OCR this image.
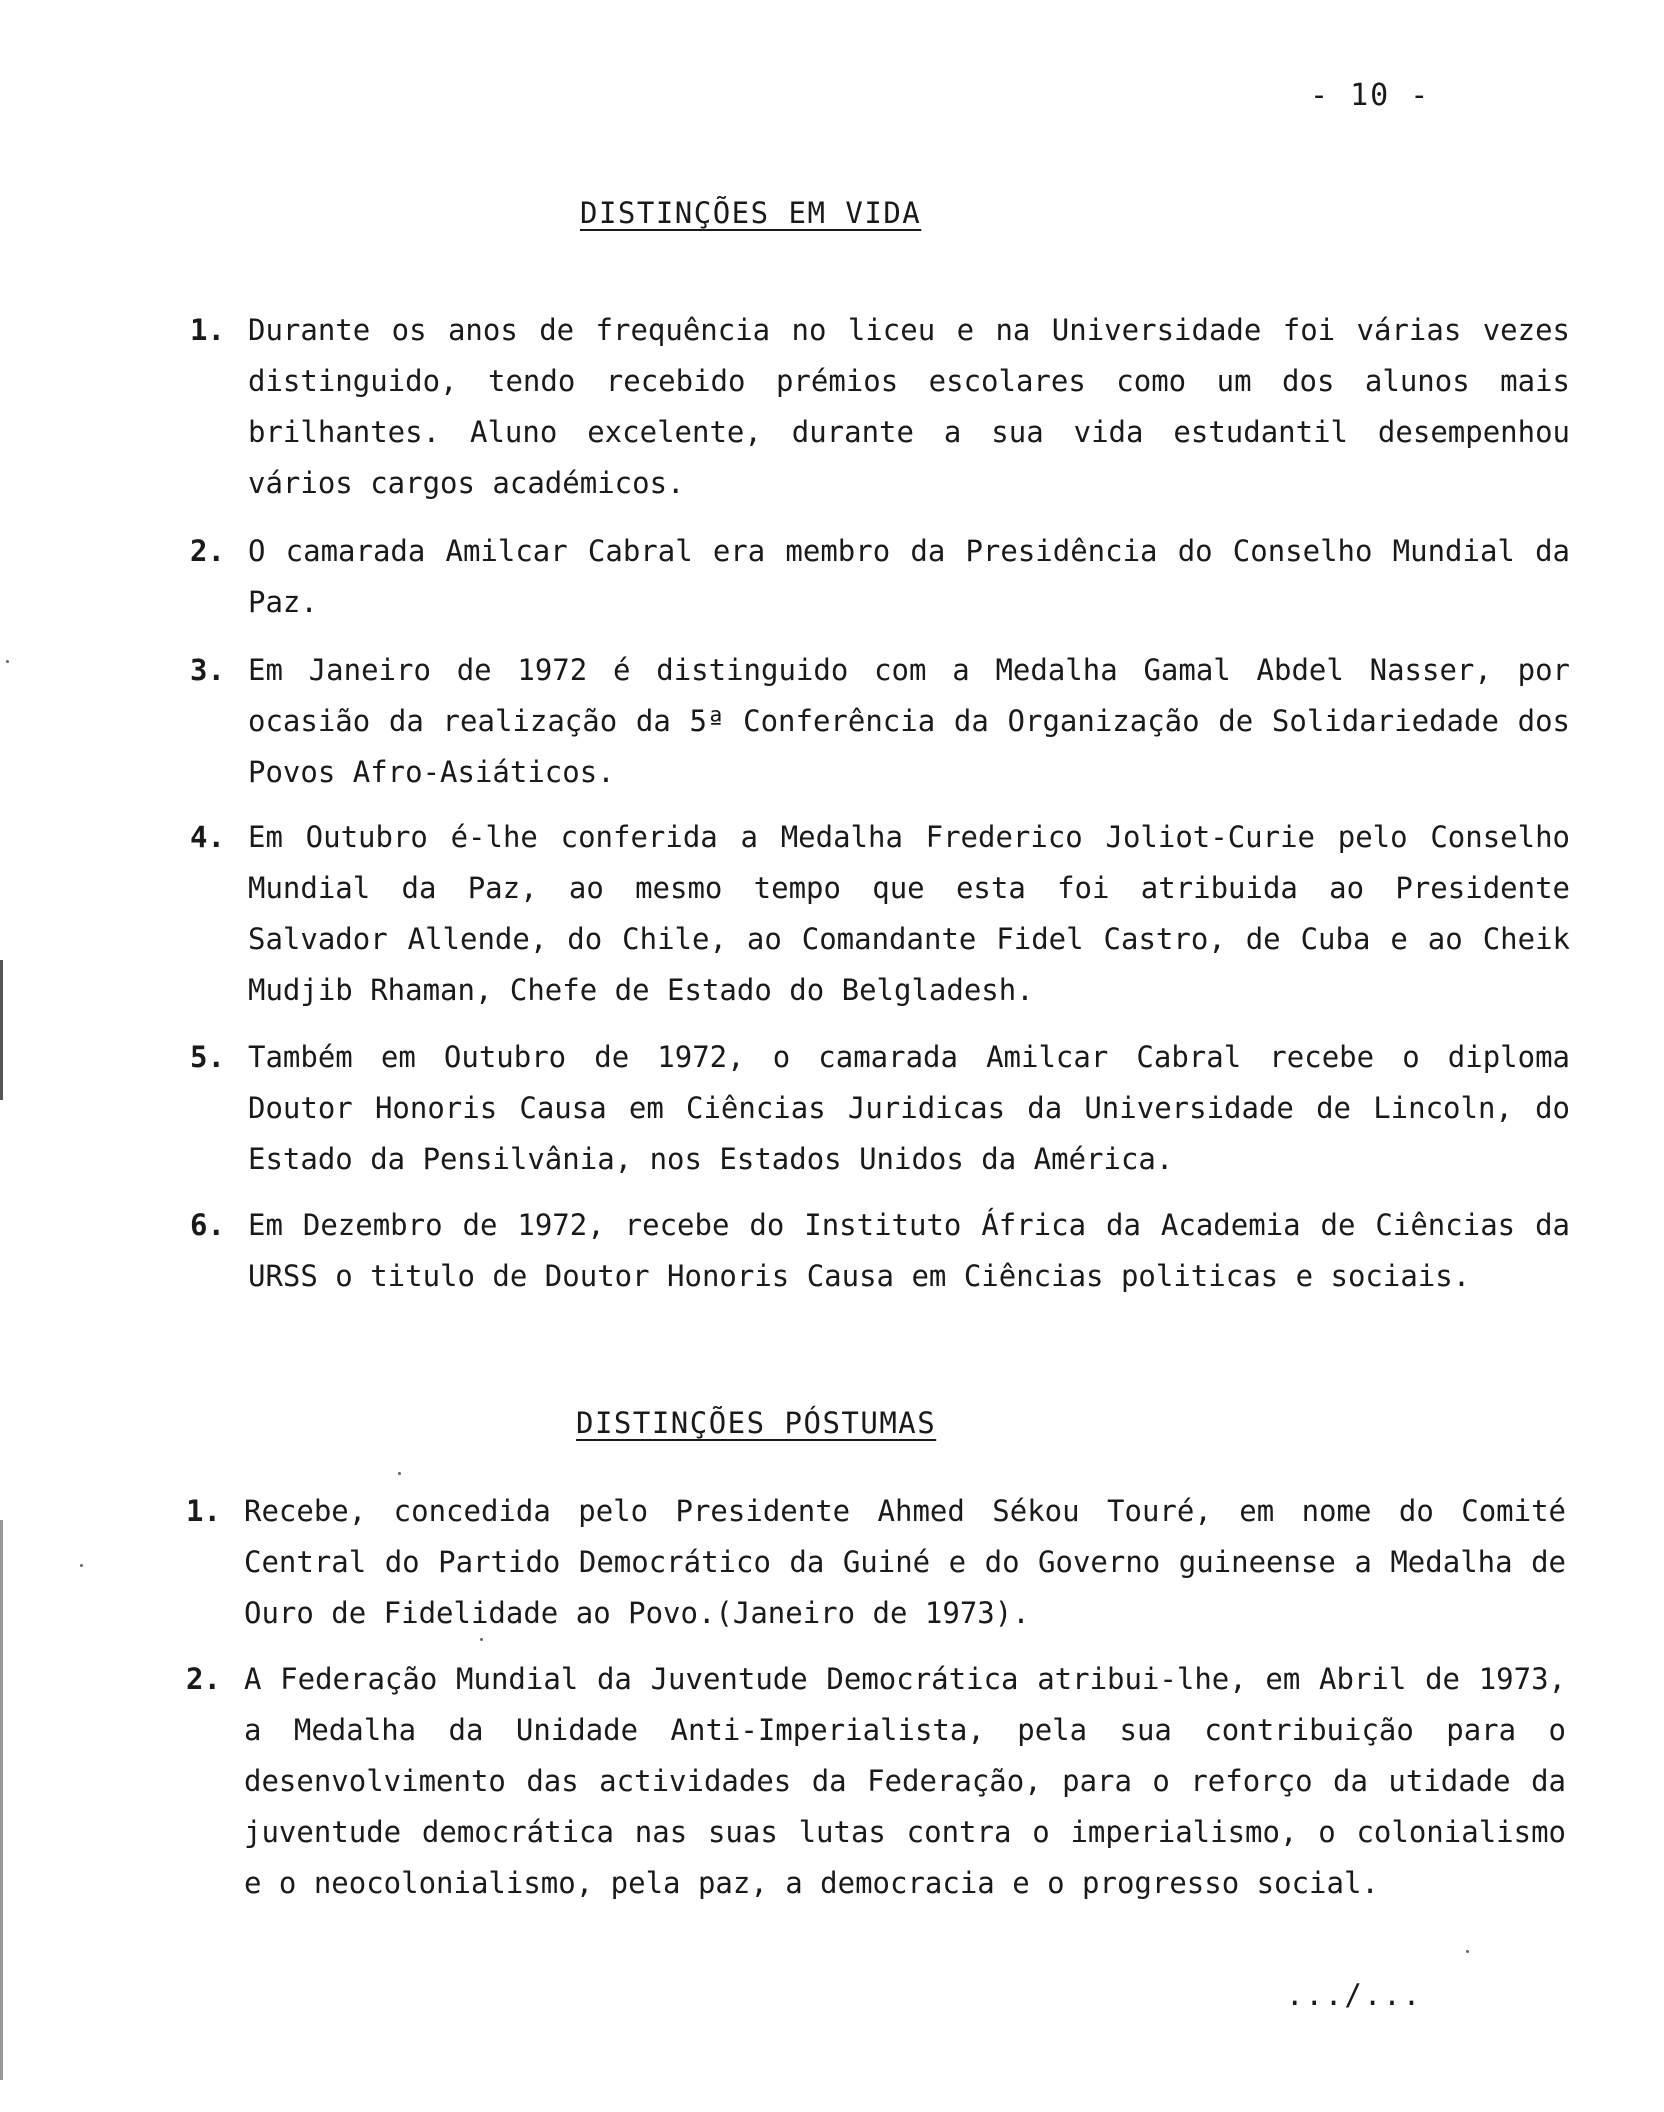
- 10 -
DISTINÇÕES EM VIDA
1. Durante os anos de frequência no liceu e na Universidade foi várias vezes distinguido, tendo recebido prémios escolares como um dos alunos mais brilhantes. Aluno excelente, durante a sua vida estudantil desempenhou vários cargos académicos.
2. O camarada Amilcar Cabral era membro da Presidência do Conselho Mundial da Paz.
3. Em Janeiro de 1972 é distinguido com a Medalha Gamal Abdel Nasser, por ocasião da realização da 5ª Conferência da Organização de Solidariedade dos Povos Afro-Asiáticos.
4. Em Outubro é-lhe conferida a Medalha Frederico Joliot-Curie pelo Conselho Mundial da Paz, ao mesmo tempo que esta foi atribuida ao Presidente Salvador Allende, do Chile, ao Comandante Fidel Castro, de Cuba e ao Cheik Mudjib Rhaman, Chefe de Estado do Belgladesh.
5. Também em Outubro de 1972, o camarada Amilcar Cabral recebe o diploma Doutor Honoris Causa em Ciências Juridicas da Universidade de Lincoln, do Estado da Pensilvânia, nos Estados Unidos da América.
6. Em Dezembro de 1972, recebe do Instituto África da Academia de Ciências da URSS o titulo de Doutor Honoris Causa em Ciências politicas e sociais.
DISTINÇÕES PÓSTUMAS
1. Recebe, concedida pelo Presidente Ahmed Sékou Touré, em nome do Comité Central do Partido Democrático da Guiné e do Governo guineense a Medalha de Ouro de Fidelidade ao Povo.(Janeiro de 1973).
2. A Federação Mundial da Juventude Democrática atribui-lhe, em Abril de 1973, a Medalha da Unidade Anti-Imperialista, pela sua contribuição para o desenvolvimento das actividades da Federação, para o reforço da utidade da juventude democrática nas suas lutas contra o imperialismo, o colonialismo e o neocolonialismo, pela paz, a democracia e o progresso social.
.../...
